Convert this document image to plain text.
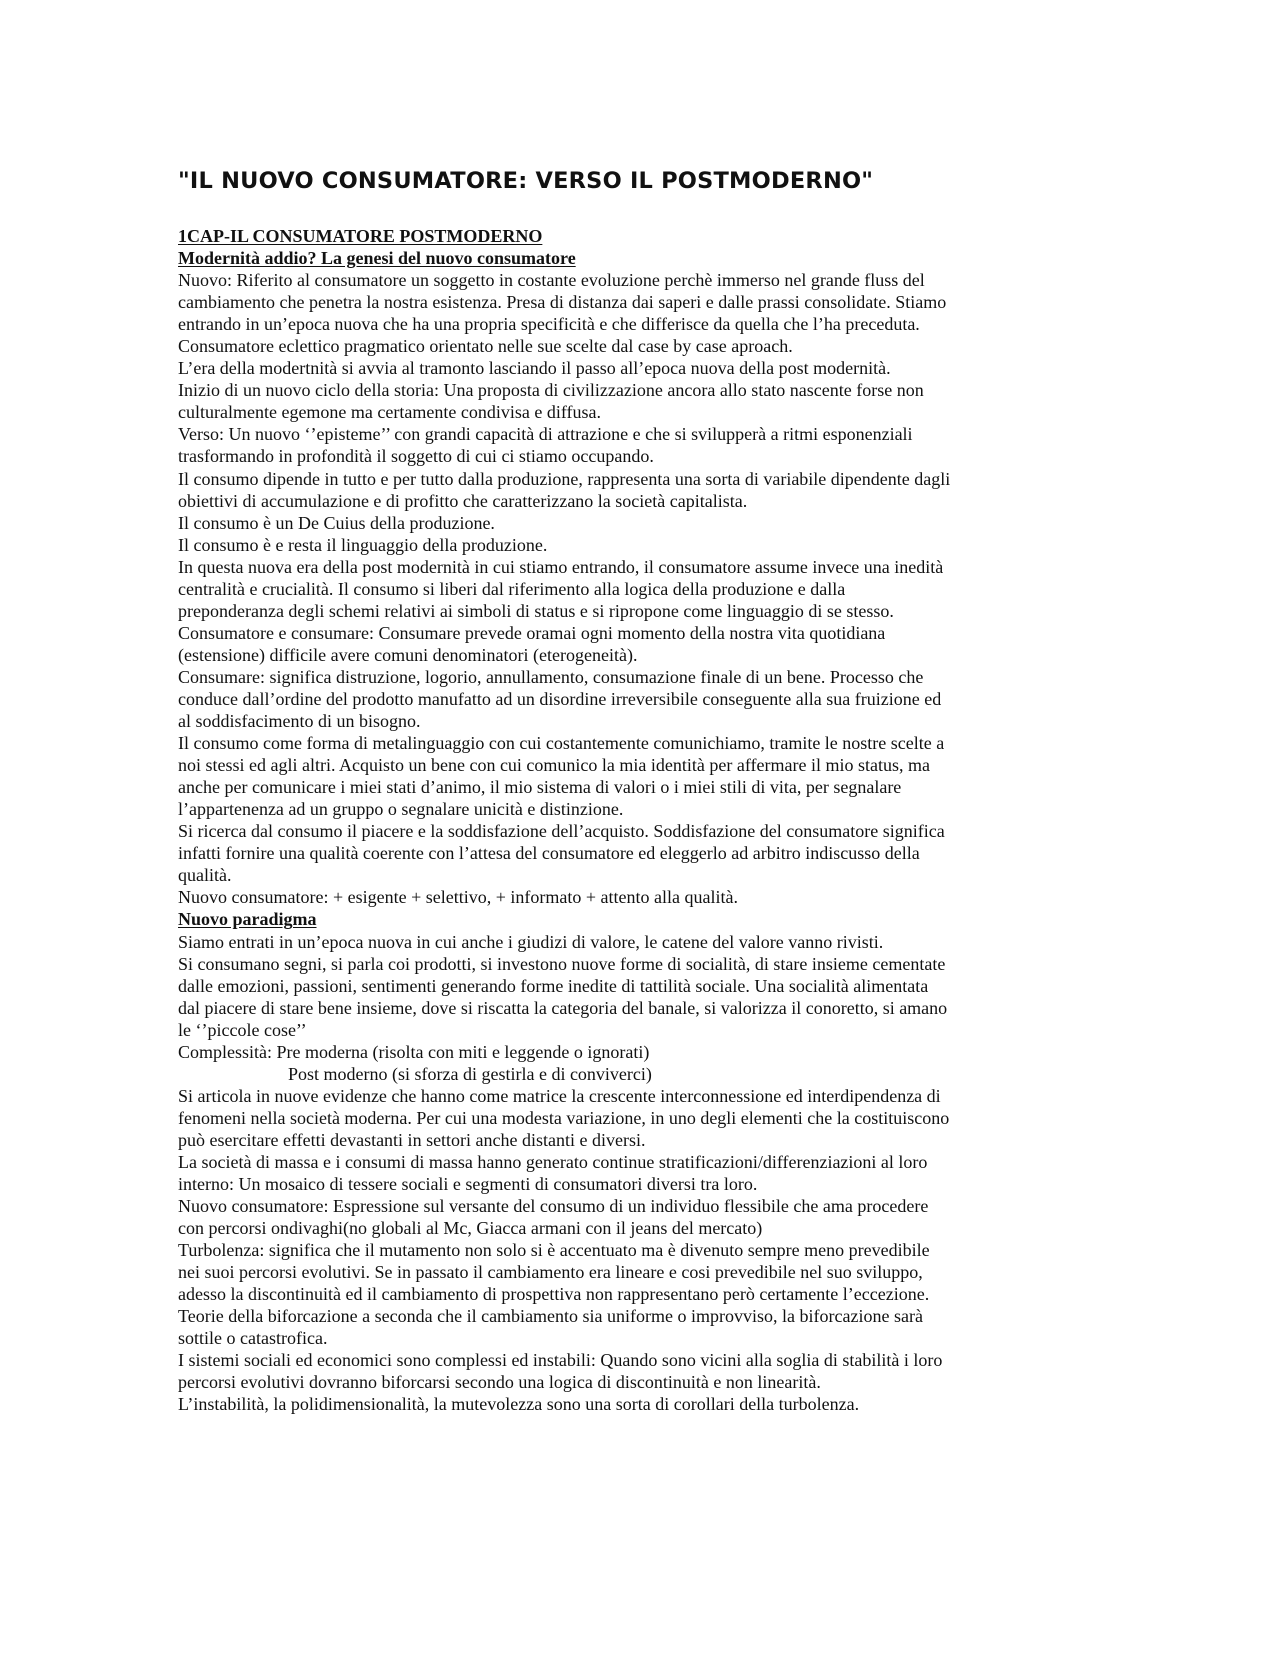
"IL NUOVO CONSUMATORE: VERSO IL POSTMODERNO"
1CAP-IL CONSUMATORE POSTMODERNO
Modernità addio? La genesi del nuovo consumatore
Nuovo: Riferito al consumatore un soggetto in costante evoluzione perchè immerso nel grande fluss del
cambiamento che penetra la nostra esistenza. Presa di distanza dai saperi e dalle prassi consolidate. Stiamo
entrando in un’epoca nuova che ha una propria specificità e che differisce da quella che l’ha preceduta.
Consumatore eclettico pragmatico orientato nelle sue scelte dal case by case aproach.
L’era della modertnità si avvia al tramonto lasciando il passo all’epoca nuova della post modernità.
Inizio di un nuovo ciclo della storia: Una proposta di civilizzazione ancora allo stato nascente forse non
culturalmente egemone ma certamente condivisa e diffusa.
Verso: Un nuovo ‘’episteme’’ con grandi capacità di attrazione e che si svilupperà a ritmi esponenziali
trasformando in profondità il soggetto di cui ci stiamo occupando.
Il consumo dipende in tutto e per tutto dalla produzione, rappresenta una sorta di variabile dipendente dagli
obiettivi di accumulazione e di profitto che caratterizzano la società capitalista.
Il consumo è un De Cuius della produzione.
Il consumo è e resta il linguaggio della produzione.
In questa nuova era della post modernità in cui stiamo entrando, il consumatore assume invece una inedità
centralità e crucialità. Il consumo si liberi dal riferimento alla logica della produzione e dalla
preponderanza degli schemi relativi ai simboli di status e si ripropone come linguaggio di se stesso.
Consumatore e consumare: Consumare prevede oramai ogni momento della nostra vita quotidiana
(estensione) difficile avere comuni denominatori (eterogeneità).
Consumare: significa distruzione, logorio, annullamento, consumazione finale di un bene. Processo che
conduce dall’ordine del prodotto manufatto ad un disordine irreversibile conseguente alla sua fruizione ed
al soddisfacimento di un bisogno.
Il consumo come forma di metalinguaggio con cui costantemente comunichiamo, tramite le nostre scelte a
noi stessi ed agli altri. Acquisto un bene con cui comunico la mia identità per affermare il mio status, ma
anche per comunicare i miei stati d’animo, il mio sistema di valori o i miei stili di vita, per segnalare
l’appartenenza ad un gruppo o segnalare unicità e distinzione.
Si ricerca dal consumo il piacere e la soddisfazione dell’acquisto. Soddisfazione del consumatore significa
infatti fornire una qualità coerente con l’attesa del consumatore ed eleggerlo ad arbitro indiscusso della
qualità.
Nuovo consumatore: + esigente + selettivo, + informato + attento alla qualità.
Nuovo paradigma
Siamo entrati in un’epoca nuova in cui anche i giudizi di valore, le catene del valore vanno rivisti.
Si consumano segni, si parla coi prodotti, si investono nuove forme di socialità, di stare insieme cementate
dalle emozioni, passioni, sentimenti generando forme inedite di tattilità sociale. Una socialità alimentata
dal piacere di stare bene insieme, dove si riscatta la categoria del banale, si valorizza il conoretto, si amano
le ‘’piccole cose’’
Complessità: Pre moderna (risolta con miti e leggende o ignorati)
Post moderno (si sforza di gestirla e di conviverci)
Si articola in nuove evidenze che hanno come matrice la crescente interconnessione ed interdipendenza di
fenomeni nella società moderna. Per cui una modesta variazione, in uno degli elementi che la costituiscono
può esercitare effetti devastanti in settori anche distanti e diversi.
La società di massa e i consumi di massa hanno generato continue stratificazioni/differenziazioni al loro
interno: Un mosaico di tessere sociali e segmenti di consumatori diversi tra loro.
Nuovo consumatore: Espressione sul versante del consumo di un individuo flessibile che ama procedere
con percorsi ondivaghi(no globali al Mc, Giacca armani con il jeans del mercato)
Turbolenza: significa che il mutamento non solo si è accentuato ma è divenuto sempre meno prevedibile
nei suoi percorsi evolutivi. Se in passato il cambiamento era lineare e cosi prevedibile nel suo sviluppo,
adesso la discontinuità ed il cambiamento di prospettiva non rappresentano però certamente l’eccezione.
Teorie della biforcazione a seconda che il cambiamento sia uniforme o improvviso, la biforcazione sarà
sottile o catastrofica.
I sistemi sociali ed economici sono complessi ed instabili: Quando sono vicini alla soglia di stabilità i loro
percorsi evolutivi dovranno biforcarsi secondo una logica di discontinuità e non linearità.
L’instabilità, la polidimensionalità, la mutevolezza sono una sorta di corollari della turbolenza.
